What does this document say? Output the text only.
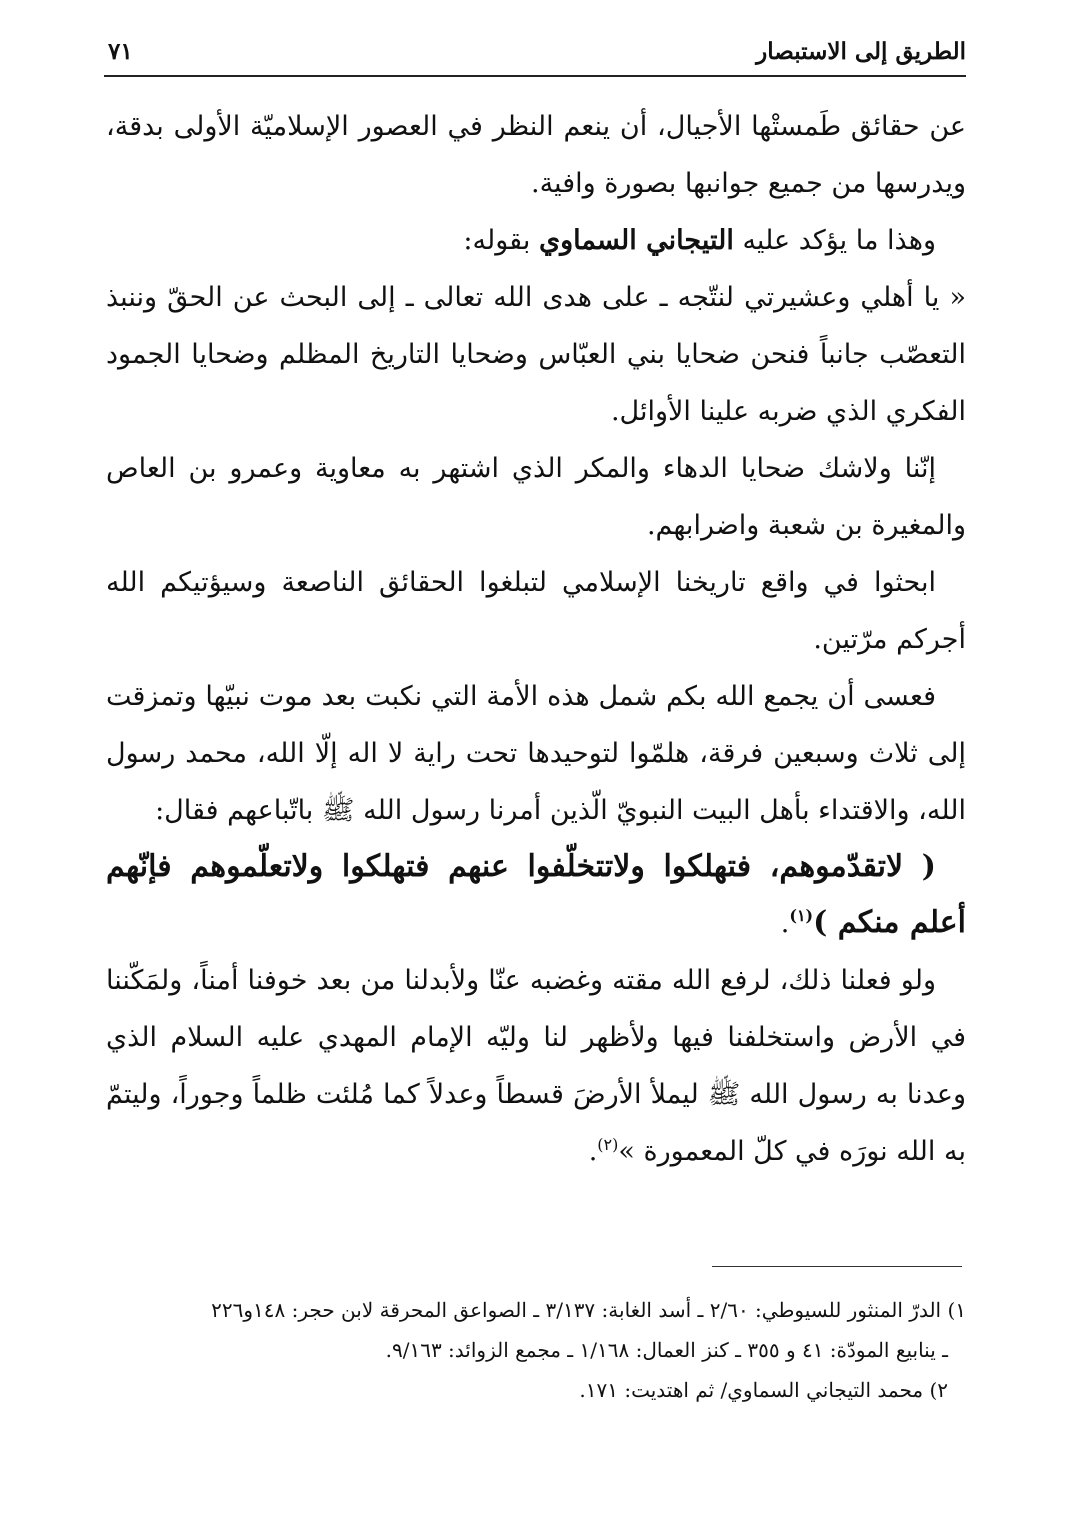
الطريق إلى الاستبصار
٧١

عن حقائق طَمستْها الأجيال، أن ينعم النظر في العصور الإسلاميّة الأولى بدقة، ويدرسها من جميع جوانبها بصورة وافية.

وهذا ما يؤكد عليه التيجاني السماوي بقوله:

« يا أهلي وعشيرتي لنتّجه ـ على هدى الله تعالى ـ إلى البحث عن الحقّ وننبذ التعصّب جانباً فنحن ضحايا بني العبّاس وضحايا التاريخ المظلم وضحايا الجمود الفكري الذي ضربه علينا الأوائل.

إنّنا ولاشك ضحايا الدهاء والمكر الذي اشتهر به معاوية وعمرو بن العاص والمغيرة بن شعبة واضرابهم.

ابحثوا في واقع تاريخنا الإسلامي لتبلغوا الحقائق الناصعة وسيؤتيكم الله أجركم مرّتين.

فعسى أن يجمع الله بكم شمل هذه الأمة التي نكبت بعد موت نبيّها وتمزقت إلى ثلاث وسبعين فرقة، هلمّوا لتوحيدها تحت راية لا اله إلّا الله، محمد رسول الله، والاقتداء بأهل البيت النبويّ الّذين أمرنا رسول الله ﷺ باتّباعهم فقال:

( لاتقدّموهم، فتهلكوا ولاتتخلّفوا عنهم فتهلكوا ولاتعلّموهم فإنّهم أعلم منكم )$^{(١)}$.

ولو فعلنا ذلك، لرفع الله مقته وغضبه عنّا ولأبدلنا من بعد خوفنا أمناً، ولمَكّننا في الأرض واستخلفنا فيها ولأظهر لنا وليّه الإمام المهدي عليه السلام الذي وعدنا به رسول الله ﷺ ليملأ الأرضَ قسطاً وعدلاً كما مُلئت ظلماً وجوراً، وليتمّ به الله نورَه في كلّ المعمورة »$^{(٢)}$.

١) الدرّ المنثور للسيوطي: ٢/٦٠ ـ أسد الغابة: ٣/١٣٧ ـ الصواعق المحرقة لابن حجر: ١٤٨و٢٢٦

ـ ينابيع المودّة: ٤١ و ٣٥٥ ـ كنز العمال: ١/١٦٨ ـ مجمع الزوائد: ٩/١٦٣.

٢) محمد التيجاني السماوي/ ثم اهتديت: ١٧١.
